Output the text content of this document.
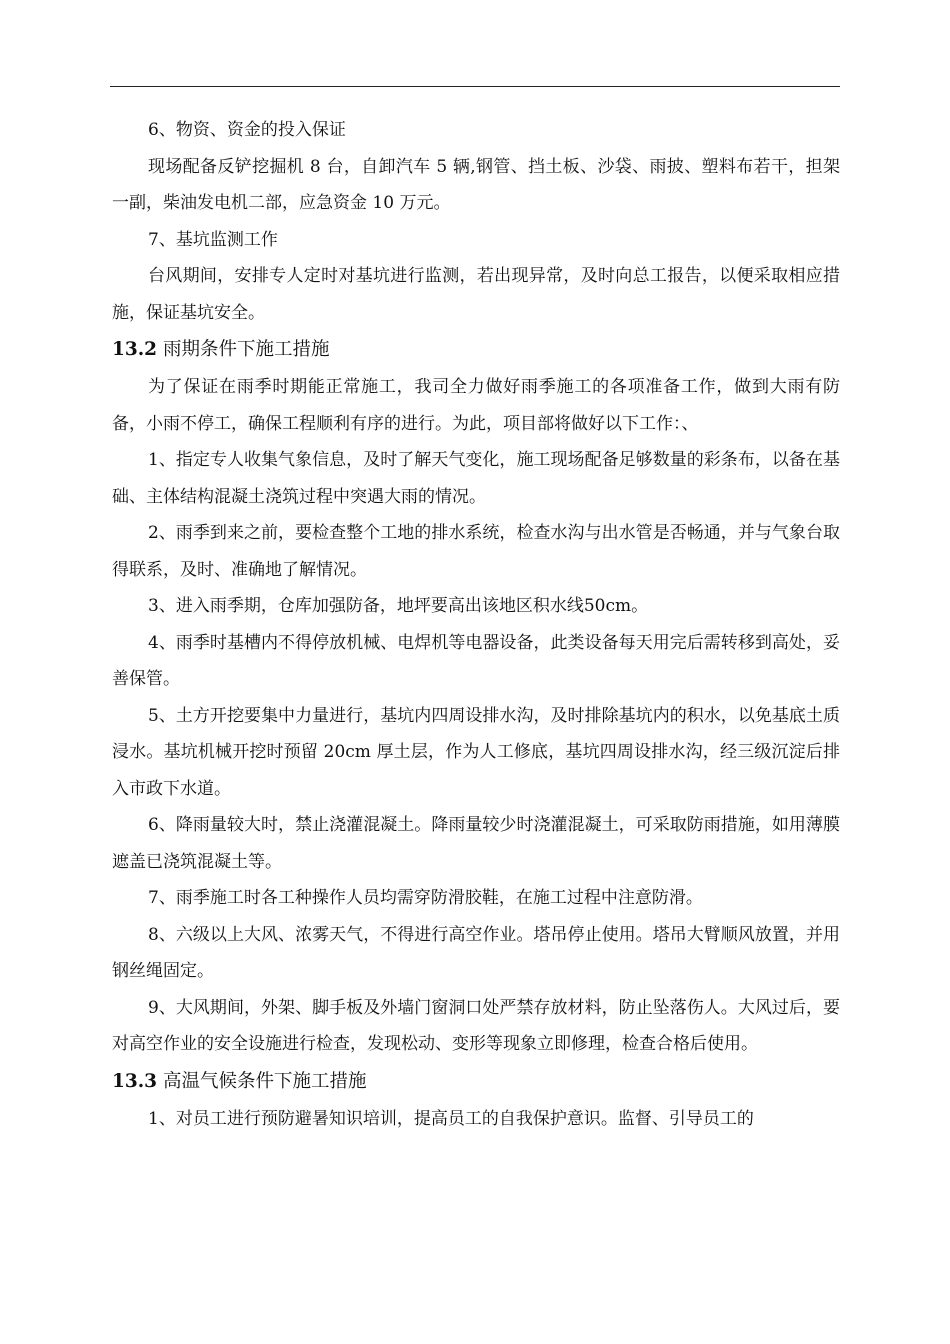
6、物资、资金的投入保证

现场配备反铲挖掘机 8 台，自卸汽车 5 辆,钢管、挡土板、沙袋、雨披、塑料布若干，担架一副，柴油发电机二部，应急资金 10 万元。

7、基坑监测工作

台风期间，安排专人定时对基坑进行监测，若出现异常，及时向总工报告，以便采取相应措施，保证基坑安全。

13.2 雨期条件下施工措施

为了保证在雨季时期能正常施工，我司全力做好雨季施工的各项准备工作，做到大雨有防备，小雨不停工，确保工程顺利有序的进行。为此，项目部将做好以下工作：、

1、指定专人收集气象信息，及时了解天气变化，施工现场配备足够数量的彩条布，以备在基础、主体结构混凝土浇筑过程中突遇大雨的情况。

2、雨季到来之前，要检查整个工地的排水系统，检查水沟与出水管是否畅通，并与气象台取得联系，及时、准确地了解情况。

3、进入雨季期，仓库加强防备，地坪要高出该地区积水线50cm。

4、雨季时基槽内不得停放机械、电焊机等电器设备，此类设备每天用完后需转移到高处，妥善保管。

5、土方开挖要集中力量进行，基坑内四周设排水沟，及时排除基坑内的积水，以免基底土质浸水。基坑机械开挖时预留 20cm 厚土层，作为人工修底，基坑四周设排水沟，经三级沉淀后排入市政下水道。

6、降雨量较大时，禁止浇灌混凝土。降雨量较少时浇灌混凝土，可采取防雨措施，如用薄膜遮盖已浇筑混凝土等。

7、雨季施工时各工种操作人员均需穿防滑胶鞋，在施工过程中注意防滑。

8、六级以上大风、浓雾天气，不得进行高空作业。塔吊停止使用。塔吊大臂顺风放置，并用钢丝绳固定。

9、大风期间，外架、脚手板及外墙门窗洞口处严禁存放材料，防止坠落伤人。大风过后，要对高空作业的安全设施进行检查，发现松动、变形等现象立即修理，检查合格后使用。

13.3 高温气候条件下施工措施

1、对员工进行预防避暑知识培训，提高员工的自我保护意识。监督、引导员工的
